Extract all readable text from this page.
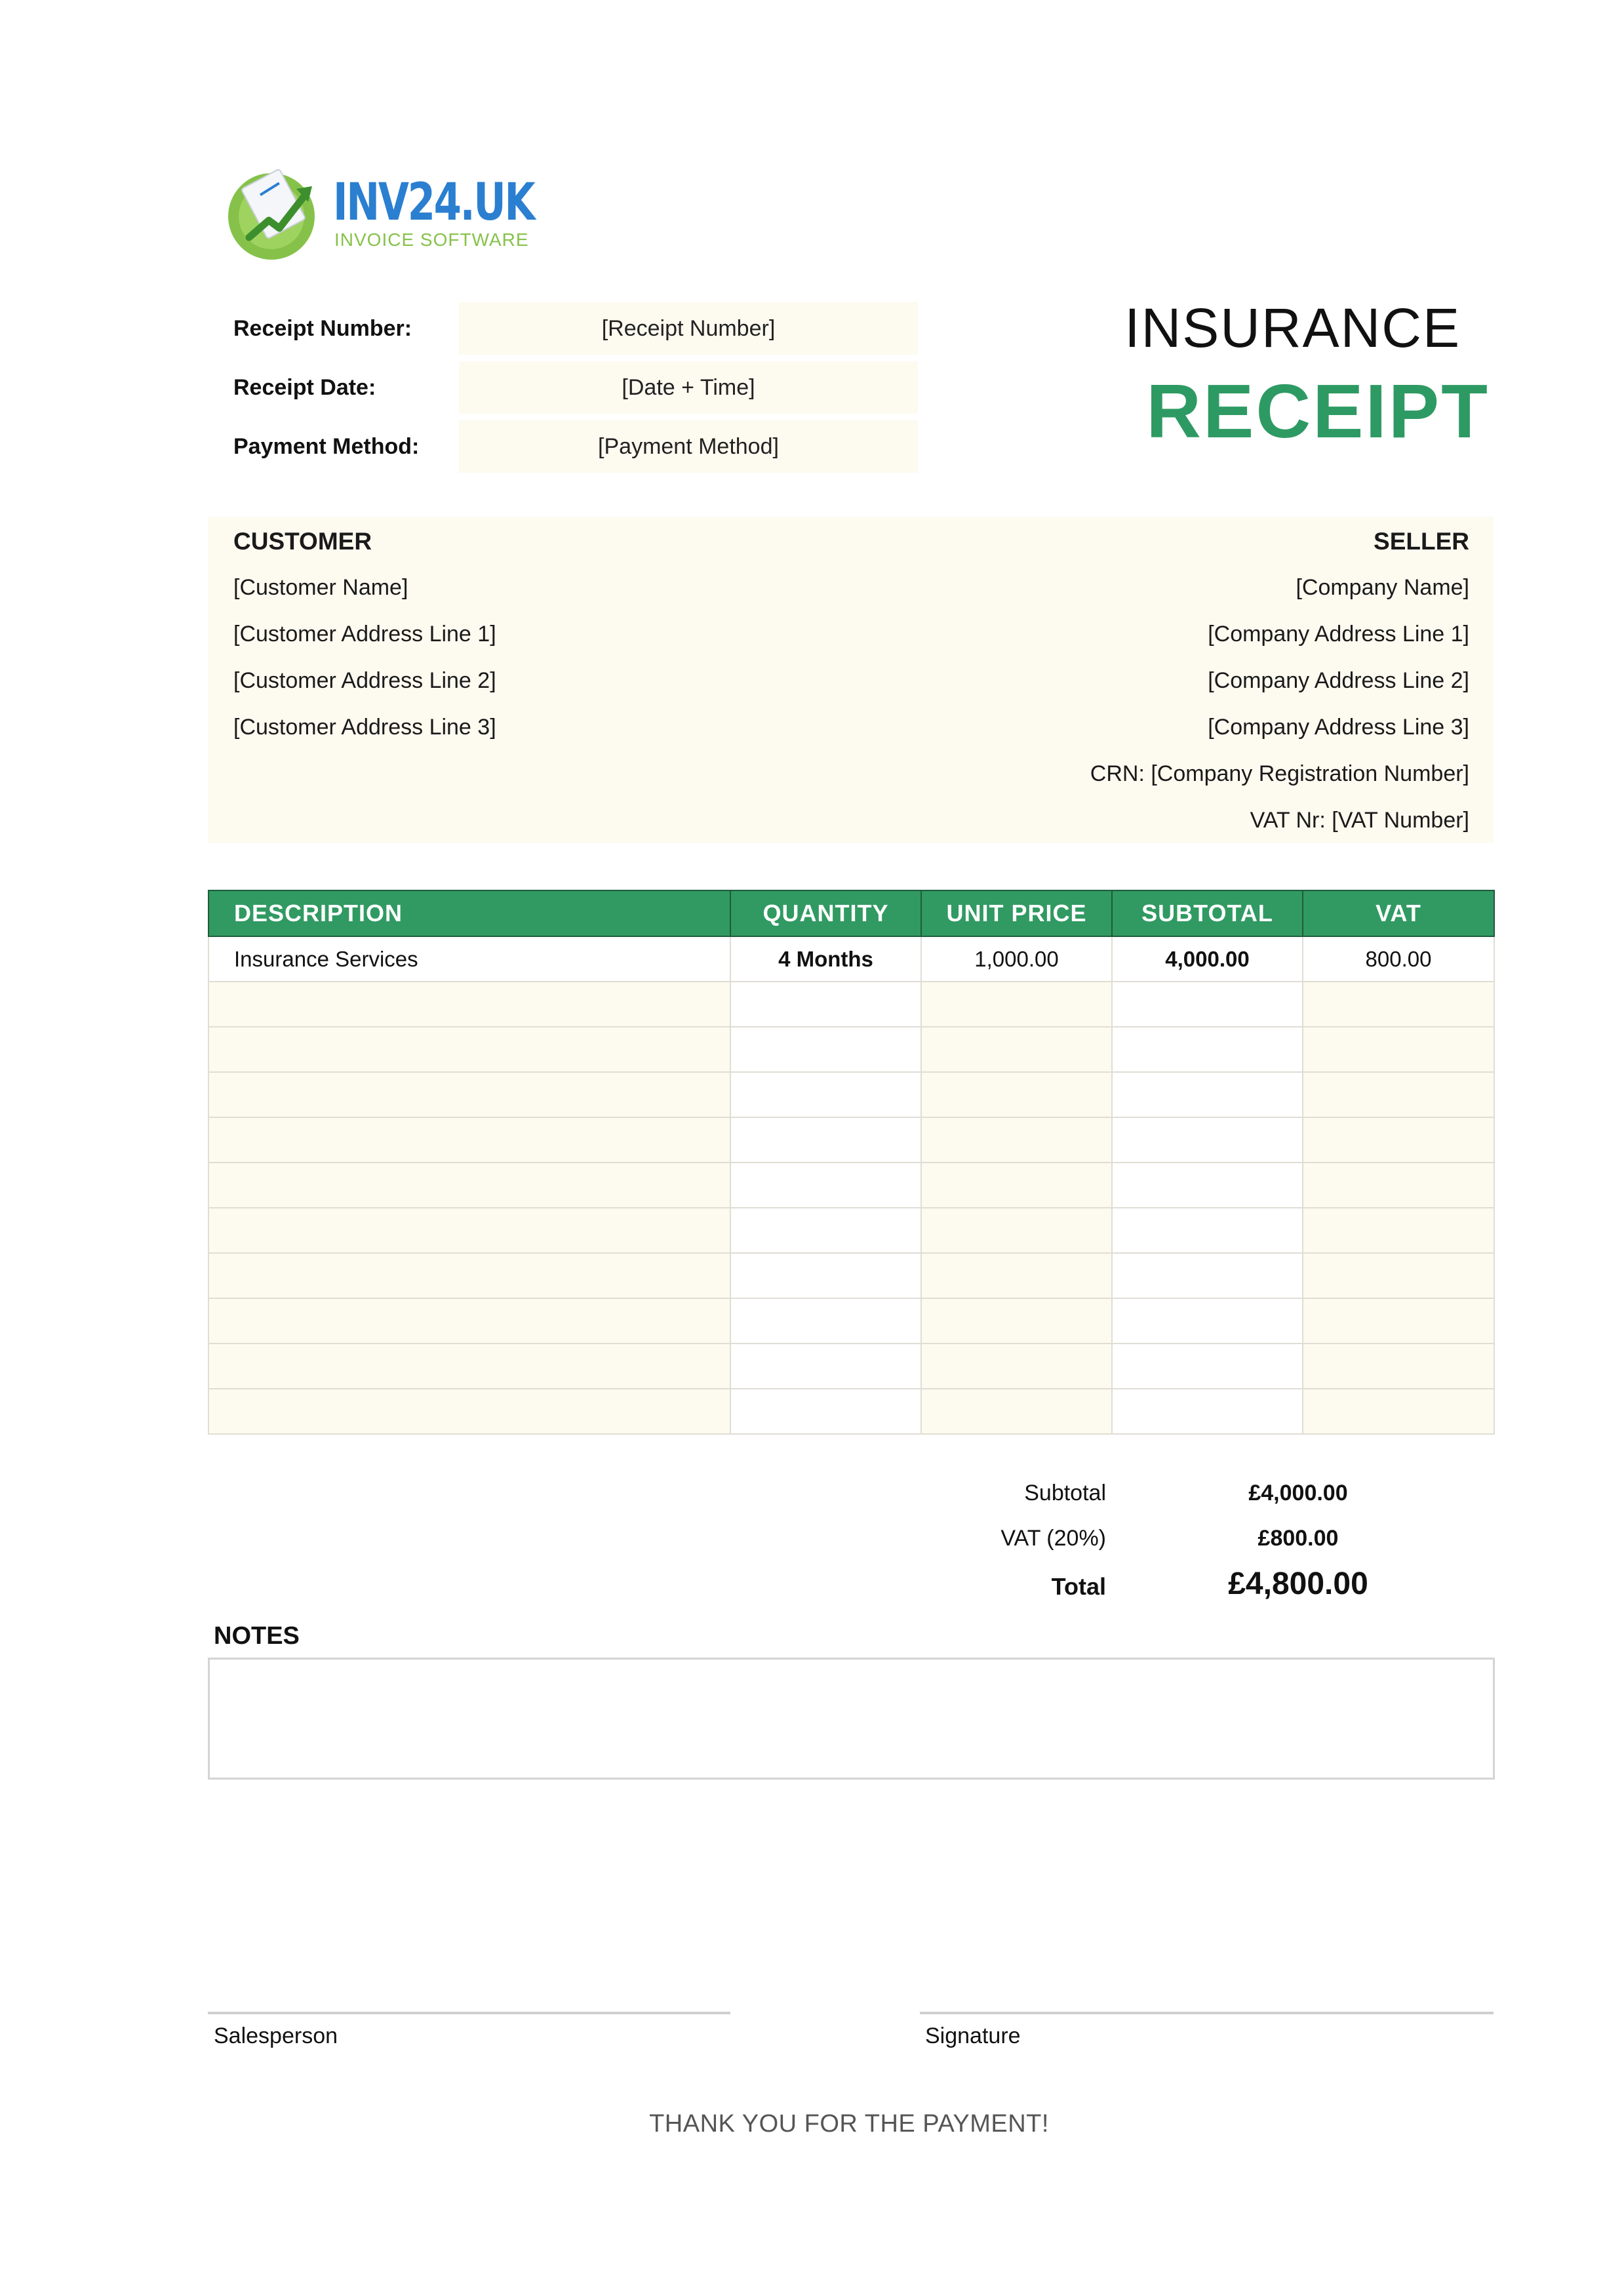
INV24.UK
INVOICE SOFTWARE
Receipt Number:	[Receipt Number]
Receipt Date:	[Date + Time]
Payment Method:	[Payment Method]
INSURANCE
RECEIPT
CUSTOMER
[Customer Name]
[Customer Address Line 1]
[Customer Address Line 2]
[Customer Address Line 3]
SELLER
[Company Name]
[Company Address Line 1]
[Company Address Line 2]
[Company Address Line 3]
CRN: [Company Registration Number]
VAT Nr: [VAT Number]
DESCRIPTION	QUANTITY	UNIT PRICE	SUBTOTAL	VAT
Insurance Services	4 Months	1,000.00	4,000.00	800.00

Subtotal	£4,000.00
VAT (20%)	£800.00
Total	£4,800.00
NOTES
Salesperson	Signature
THANK YOU FOR THE PAYMENT!
